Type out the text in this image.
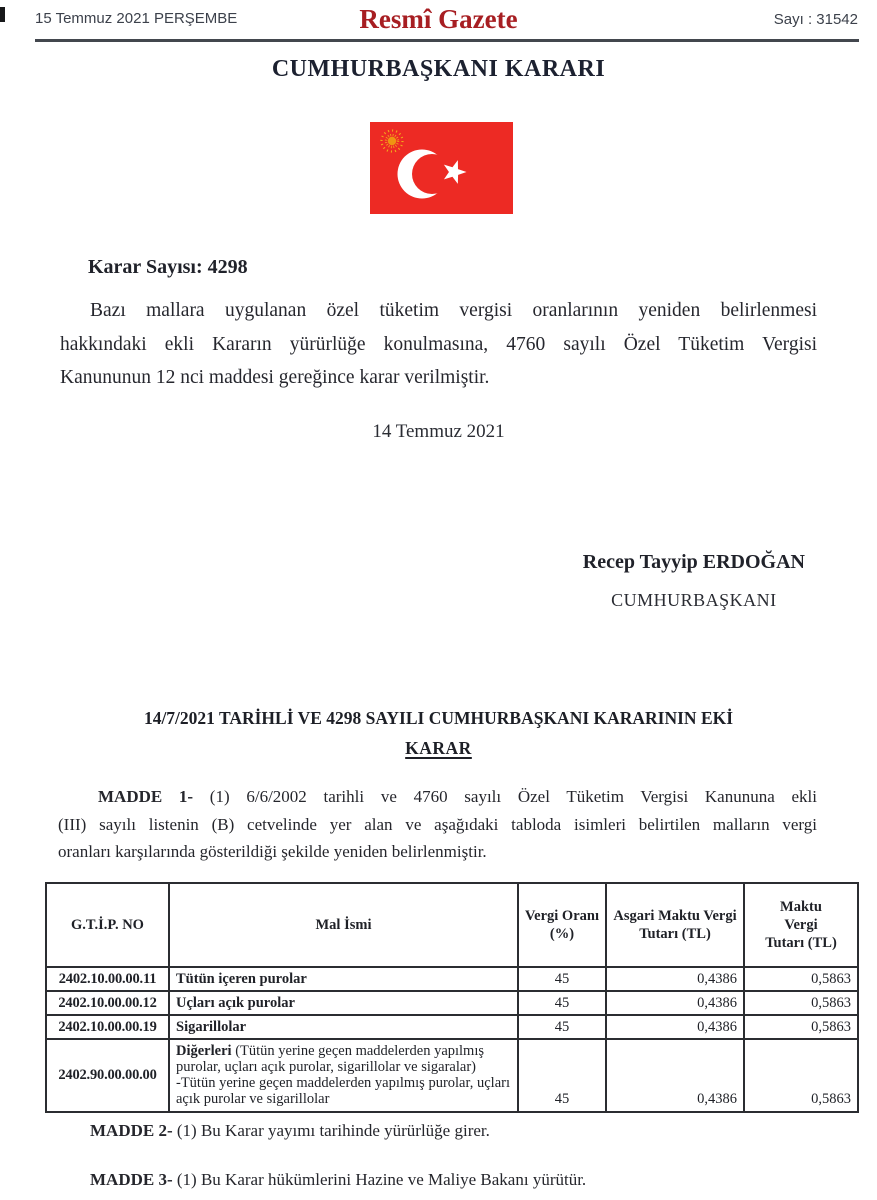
15 Temmuz 2021 PERŞEMBE	Resmî Gazete	Sayı : 31542
CUMHURBAŞKANI KARARI
Karar Sayısı: 4298
Bazı mallara uygulanan özel tüketim vergisi oranlarının yeniden belirlenmesi
hakkındaki ekli Kararın yürürlüğe konulmasına, 4760 sayılı Özel Tüketim Vergisi
Kanununun 12 nci maddesi gereğince karar verilmiştir.
14 Temmuz 2021
Recep Tayyip ERDOĞAN
CUMHURBAŞKANI
14/7/2021 TARİHLİ VE 4298 SAYILI CUMHURBAŞKANI KARARININ EKİ
KARAR
MADDE 1- (1) 6/6/2002 tarihli ve 4760 sayılı Özel Tüketim Vergisi Kanununa ekli
(III) sayılı listenin (B) cetvelinde yer alan ve aşağıdaki tabloda isimleri belirtilen malların vergi
oranları karşılarında gösterildiği şekilde yeniden belirlenmiştir.
G.T.İ.P. NO	Mal İsmi	Vergi Oranı (%)	Asgari Maktu Vergi Tutarı (TL)	Maktu Vergi Tutarı (TL)
2402.10.00.00.11	Tütün içeren purolar	45	0,4386	0,5863
2402.10.00.00.12	Uçları açık purolar	45	0,4386	0,5863
2402.10.00.00.19	Sigarillolar	45	0,4386	0,5863
2402.90.00.00.00	Diğerleri (Tütün yerine geçen maddelerden yapılmış purolar, uçları açık purolar, sigarillolar ve sigaralar)
-Tütün yerine geçen maddelerden yapılmış purolar, uçları açık purolar ve sigarillolar	45	0,4386	0,5863
MADDE 2- (1) Bu Karar yayımı tarihinde yürürlüğe girer.
MADDE 3- (1) Bu Karar hükümlerini Hazine ve Maliye Bakanı yürütür.
